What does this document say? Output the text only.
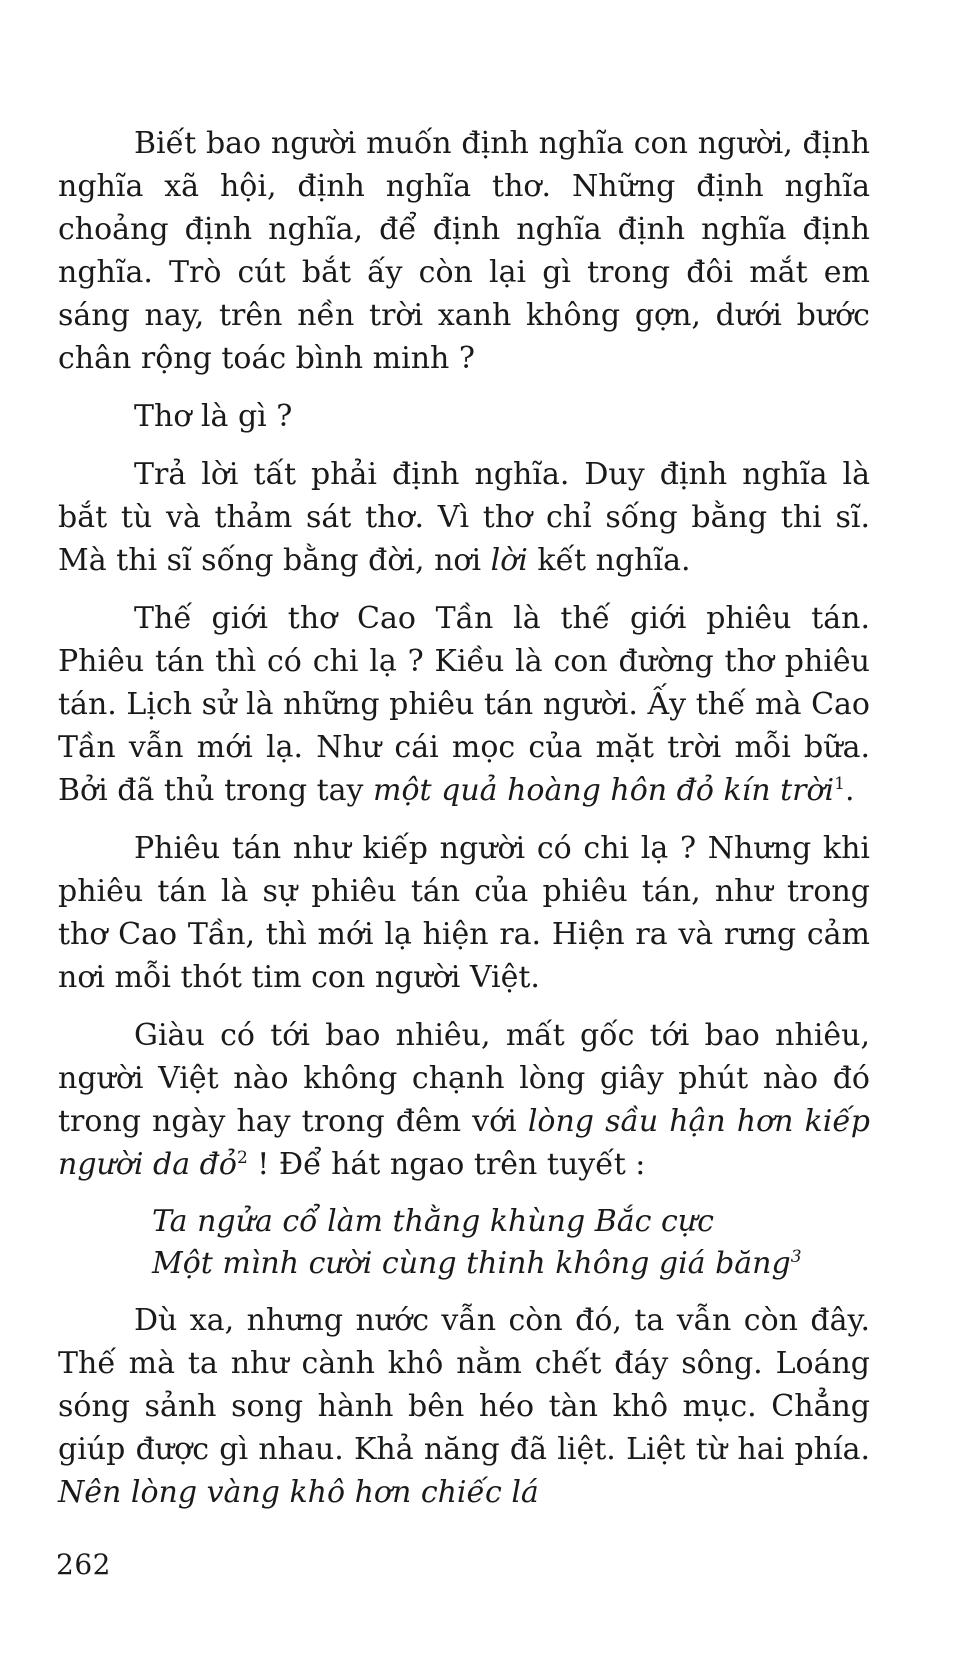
Biết bao người muốn định nghĩa con người, định nghĩa xã hội, định nghĩa thơ. Những định nghĩa choảng định nghĩa, để định nghĩa định nghĩa định nghĩa. Trò cút bắt ấy còn lại gì trong đôi mắt em sáng nay, trên nền trời xanh không gợn, dưới bước chân rộng toác bình minh ?

Thơ là gì ?

Trả lời tất phải định nghĩa. Duy định nghĩa là bắt tù và thảm sát thơ. Vì thơ chỉ sống bằng thi sĩ. Mà thi sĩ sống bằng đời, nơi lời kết nghĩa.

Thế giới thơ Cao Tần là thế giới phiêu tán. Phiêu tán thì có chi lạ ? Kiều là con đường thơ phiêu tán. Lịch sử là những phiêu tán người. Ấy thế mà Cao Tần vẫn mới lạ. Như cái mọc của mặt trời mỗi bữa. Bởi đã thủ trong tay một quả hoàng hôn đỏ kín trời$^1$.

Phiêu tán như kiếp người có chi lạ ? Nhưng khi phiêu tán là sự phiêu tán của phiêu tán, như trong thơ Cao Tần, thì mới lạ hiện ra. Hiện ra và rưng cảm nơi mỗi thót tim con người Việt.

Giàu có tới bao nhiêu, mất gốc tới bao nhiêu, người Việt nào không chạnh lòng giây phút nào đó trong ngày hay trong đêm với lòng sầu hận hơn kiếp người da đỏ$^2$ ! Để hát ngao trên tuyết :

Ta ngửa cổ làm thằng khùng Bắc cực
Một mình cười cùng thinh không giá băng$^3$

Dù xa, nhưng nước vẫn còn đó, ta vẫn còn đây. Thế mà ta như cành khô nằm chết đáy sông. Loáng sóng sảnh song hành bên héo tàn khô mục. Chẳng giúp được gì nhau. Khả năng đã liệt. Liệt từ hai phía. Nên lòng vàng khô hơn chiếc lá

262
